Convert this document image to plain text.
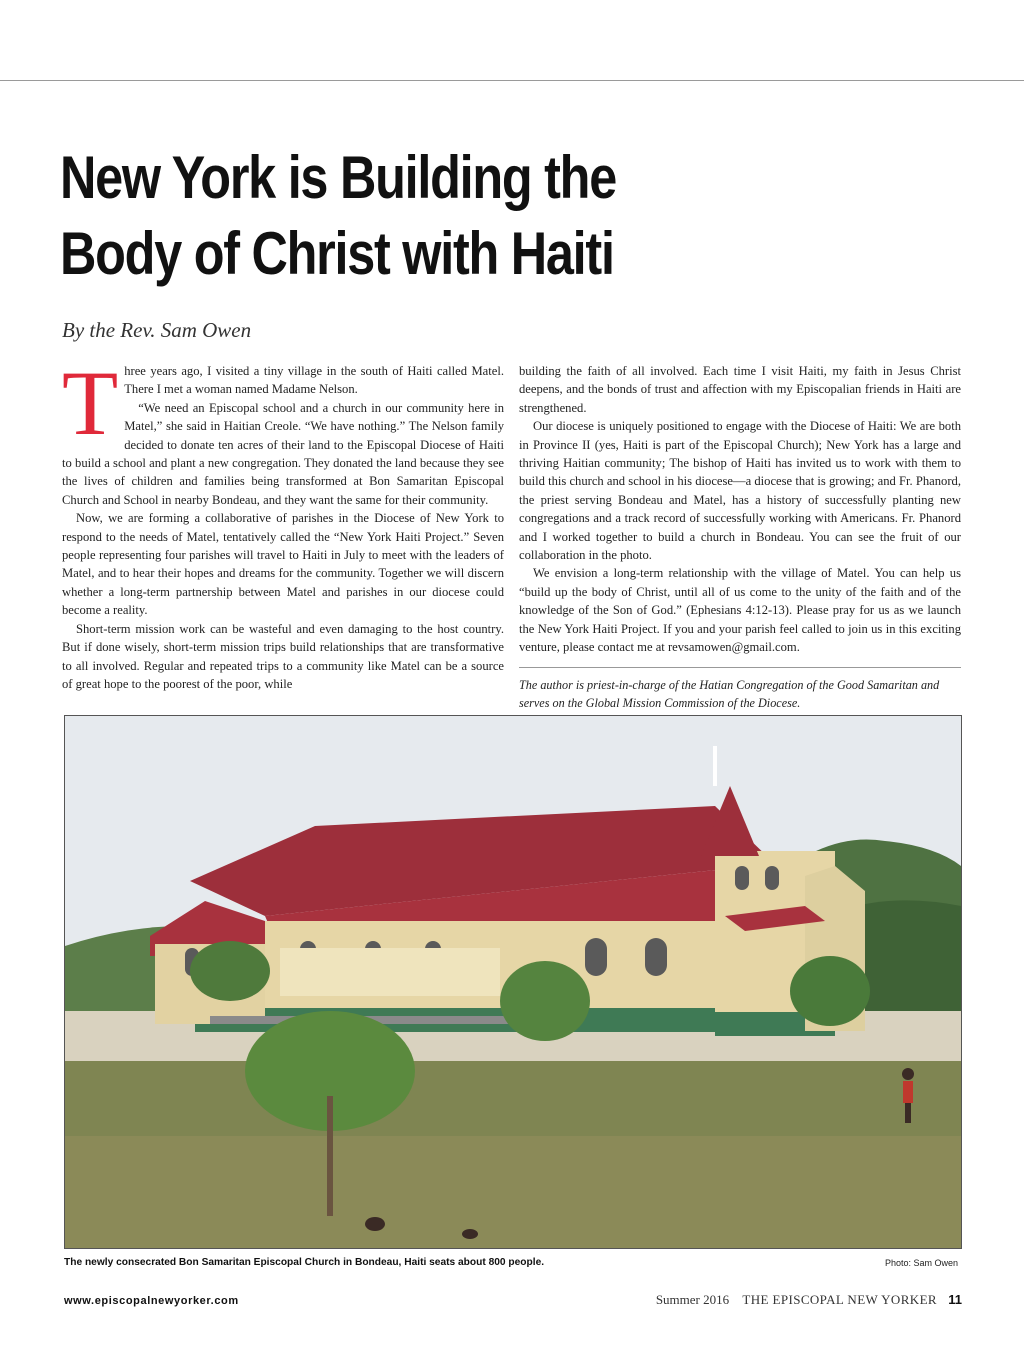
New York is Building the
Body of Christ with Haiti
By the Rev. Sam Owen
T hree years ago, I visited a tiny village in the south of Haiti called Matel. There I met a woman named Madame Nelson.

“We need an Episcopal school and a church in our community here in Matel,” she said in Haitian Creole. “We have nothing.” The Nelson family decided to donate ten acres of their land to the Episcopal Diocese of Haiti to build a school and plant a new congregation. They donated the land because they see the lives of children and families being transformed at Bon Samaritan Episcopal Church and School in nearby Bondeau, and they want the same for their community.

Now, we are forming a collaborative of parishes in the Diocese of New York to respond to the needs of Matel, tentatively called the “New York Haiti Project.” Seven people representing four parishes will travel to Haiti in July to meet with the leaders of Matel, and to hear their hopes and dreams for the community. Together we will discern whether a long-term partnership between Matel and parishes in our diocese could become a reality.

Short-term mission work can be wasteful and even damaging to the host country. But if done wisely, short-term mission trips build relationships that are transformative to all involved. Regular and repeated trips to a community like Matel can be a source of great hope to the poorest of the poor, while

building the faith of all involved. Each time I visit Haiti, my faith in Jesus Christ deepens, and the bonds of trust and affection with my Episcopalian friends in Haiti are strengthened.

Our diocese is uniquely positioned to engage with the Diocese of Haiti: We are both in Province II (yes, Haiti is part of the Episcopal Church); New York has a large and thriving Haitian community; The bishop of Haiti has invited us to work with them to build this church and school in his diocese—a diocese that is growing; and Fr. Phanord, the priest serving Bondeau and Matel, has a history of successfully planting new congregations and a track record of successfully working with Americans. Fr. Phanord and I worked together to build a church in Bondeau. You can see the fruit of our collaboration in the photo.

We envision a long-term relationship with the village of Matel. You can help us “build up the body of Christ, until all of us come to the unity of the faith and of the knowledge of the Son of God.” (Ephesians 4:12-13). Please pray for us as we launch the New York Haiti Project. If you and your parish feel called to join us in this exciting venture, please contact me at revsamowen@gmail.com.

The author is priest-in-charge of the Hatian Congregation of the Good Samaritan and serves on the Global Mission Commission of the Diocese.

The newly consecrated Bon Samaritan Episcopal Church in Bondeau, Haiti seats about 800 people.	Photo: Sam Owen
www.episcopalnewyorker.com	Summer 2016 THE EPISCOPAL NEW YORKER 11
